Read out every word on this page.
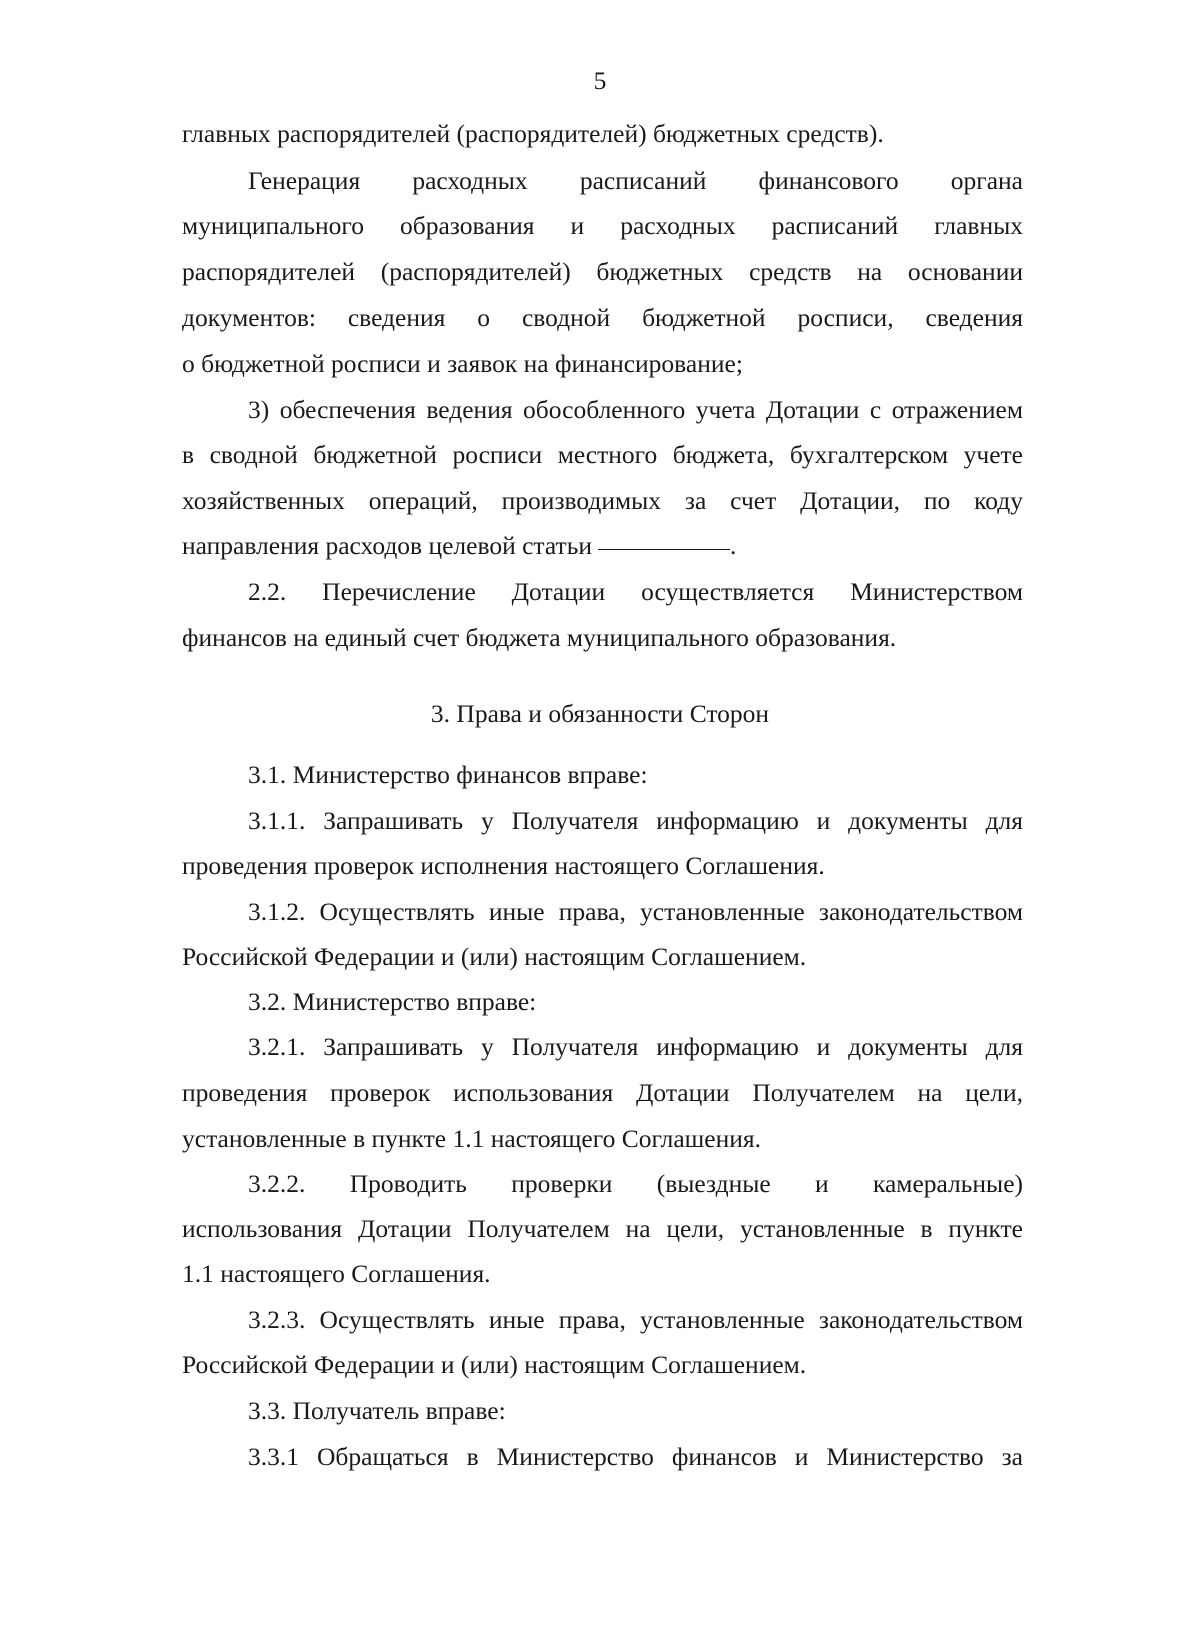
5
главных распорядителей (распорядителей) бюджетных средств).
Генерация расходных расписаний финансового органа
муниципального образования и расходных расписаний главных
распорядителей (распорядителей) бюджетных средств на основании
документов: сведения о сводной бюджетной росписи, сведения
о бюджетной росписи и заявок на финансирование;
3) обеспечения ведения обособленного учета Дотации с отражением
в сводной бюджетной росписи местного бюджета, бухгалтерском учете
хозяйственных операций, производимых за счет Дотации, по коду
направления расходов целевой статьи	.
2.2. Перечисление Дотации осуществляется Министерством
финансов на единый счет бюджета муниципального образования.
3. Права и обязанности Сторон
3.1. Министерство финансов вправе:
3.1.1. Запрашивать у Получателя информацию и документы для
проведения проверок исполнения настоящего Соглашения.
3.1.2. Осуществлять иные права, установленные законодательством
Российской Федерации и (или) настоящим Соглашением.
3.2. Министерство вправе:
3.2.1. Запрашивать у Получателя информацию и документы для
проведения проверок использования Дотации Получателем на цели,
установленные в пункте 1.1 настоящего Соглашения.
3.2.2. Проводить проверки (выездные и камеральные)
использования Дотации Получателем на цели, установленные в пункте
1.1 настоящего Соглашения.
3.2.3. Осуществлять иные права, установленные законодательством
Российской Федерации и (или) настоящим Соглашением.
3.3. Получатель вправе:
3.3.1 Обращаться в Министерство финансов и Министерство за
